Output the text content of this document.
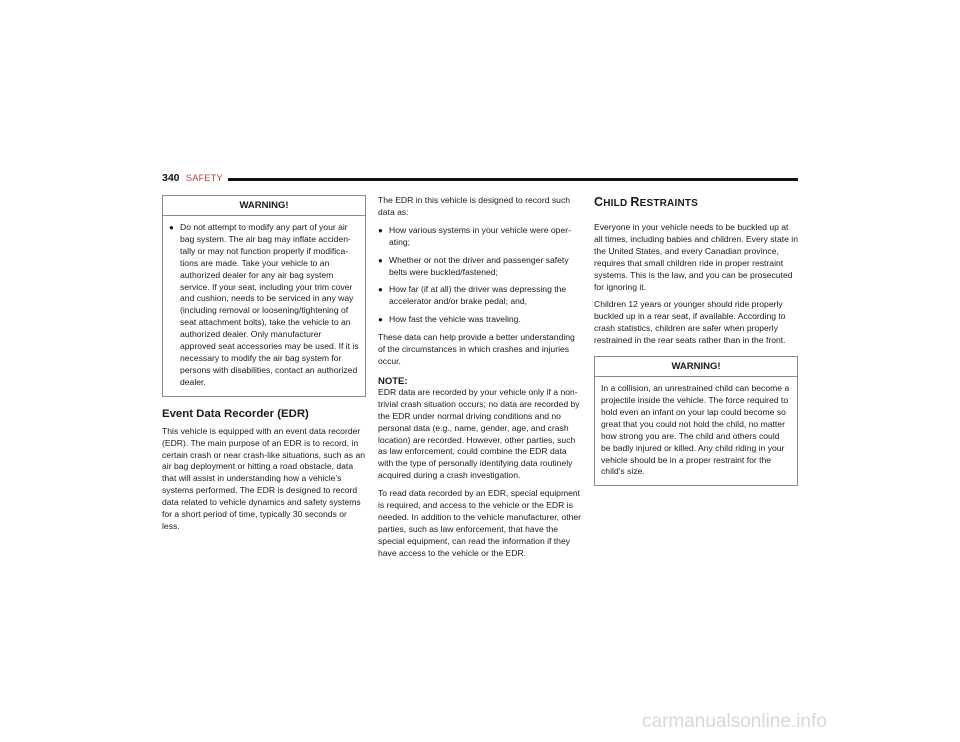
340 SAFETY
WARNING!
● Do not attempt to modify any part of your air bag system. The air bag may inflate accidentally or may not function properly if modifications are made. Take your vehicle to an authorized dealer for any air bag system service. If your seat, including your trim cover and cushion, needs to be serviced in any way (including removal or loosening/tightening of seat attachment bolts), take the vehicle to an authorized dealer. Only manufacturer approved seat accessories may be used. If it is necessary to modify the air bag system for persons with disabilities, contact an authorized dealer.
Event Data Recorder (EDR)

This vehicle is equipped with an event data recorder (EDR). The main purpose of an EDR is to record, in certain crash or near crash-like situations, such as an air bag deployment or hitting a road obstacle, data that will assist in understanding how a vehicle’s systems performed. The EDR is designed to record data related to vehicle dynamics and safety systems for a short period of time, typically 30 seconds or less.

The EDR in this vehicle is designed to record such data as:

● How various systems in your vehicle were operating;
● Whether or not the driver and passenger safety belts were buckled/fastened;
● How far (if at all) the driver was depressing the accelerator and/or brake pedal; and,
● How fast the vehicle was traveling.

These data can help provide a better understanding of the circumstances in which crashes and injuries occur.

NOTE:

EDR data are recorded by your vehicle only if a non-trivial crash situation occurs; no data are recorded by the EDR under normal driving conditions and no personal data (e.g., name, gender, age, and crash location) are recorded. However, other parties, such as law enforcement, could combine the EDR data with the type of personally identifying data routinely acquired during a crash investigation.

To read data recorded by an EDR, special equipment is required, and access to the vehicle or the EDR is needed. In addition to the vehicle manufacturer, other parties, such as law enforcement, that have the special equipment, can read the information if they have access to the vehicle or the EDR.

CHILD RESTRAINTS

Everyone in your vehicle needs to be buckled up at all times, including babies and children. Every state in the United States, and every Canadian province, requires that small children ride in proper restraint systems. This is the law, and you can be prosecuted for ignoring it.

Children 12 years or younger should ride properly buckled up in a rear seat, if available. According to crash statistics, children are safer when properly restrained in the rear seats rather than in the front.

WARNING!

In a collision, an unrestrained child can become a projectile inside the vehicle. The force required to hold even an infant on your lap could become so great that you could not hold the child, no matter how strong you are. The child and others could be badly injured or killed. Any child riding in your vehicle should be in a proper restraint for the child’s size.

carmanualsonline.info
